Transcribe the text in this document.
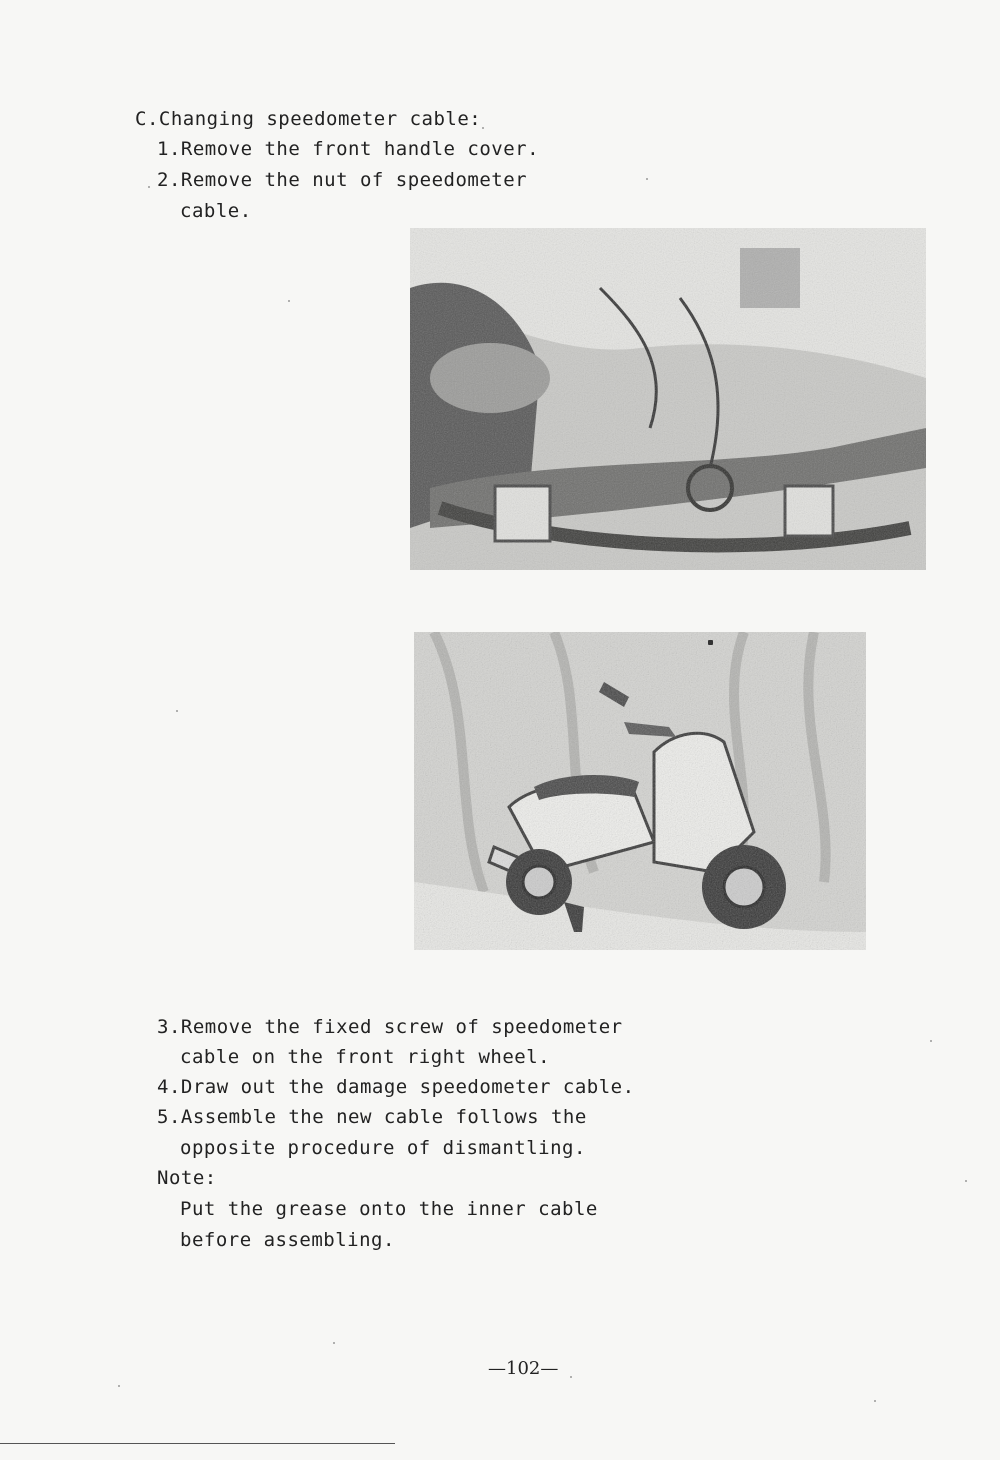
C.Changing speedometer cable:
1.Remove the front handle cover.
2.Remove the nut of speedometer
cable.
3.Remove the fixed screw of speedometer
cable on the front right wheel.
4.Draw out the damage speedometer cable.
5.Assemble the new cable follows the
opposite procedure of dismantling.
Note:
Put the grease onto the inner cable
before assembling.
—102—
